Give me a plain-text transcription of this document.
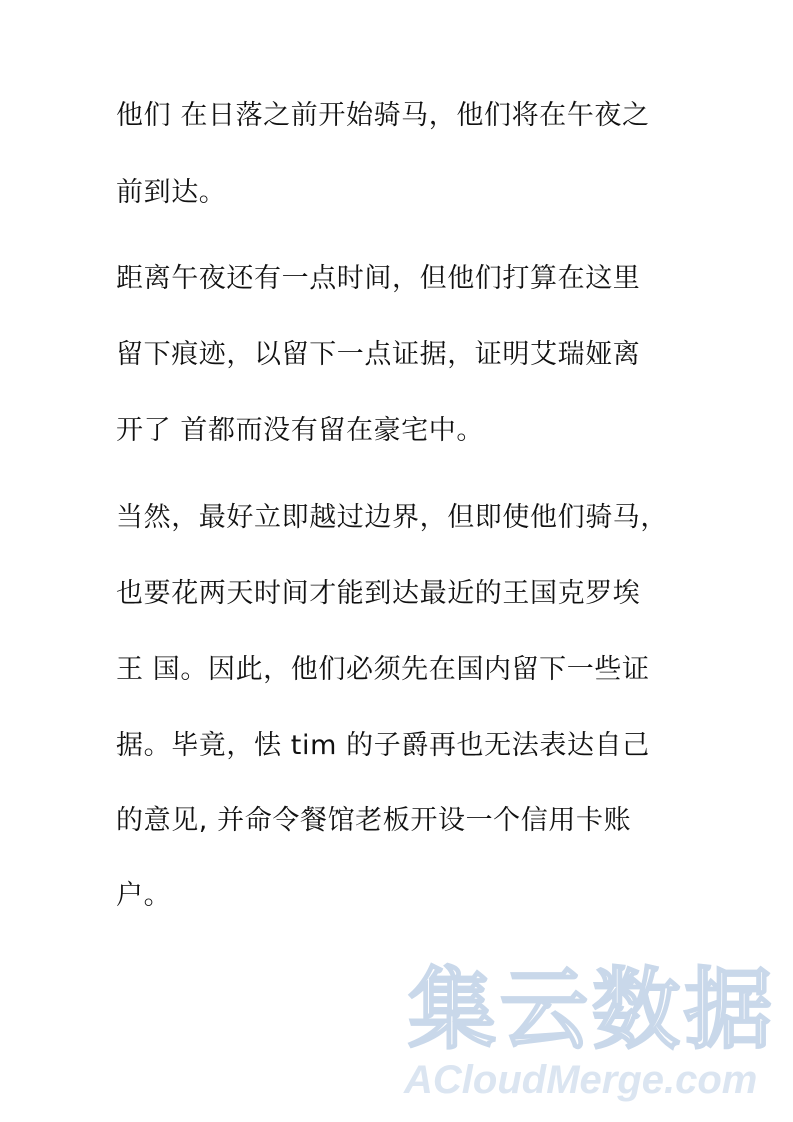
他们 在日落之前开始骑马，他们将在午夜之
前到达。
距离午夜还有一点时间，但他们打算在这里
留下痕迹，以留下一点证据，证明艾瑞娅离
开了 首都而没有留在豪宅中。
当然，最好立即越过边界，但即使他们骑马，
也要花两天时间才能到达最近的王国克罗埃
王 国。因此，他们必须先在国内留下一些证
据。毕竟，怯 tim 的子爵再也无法表达自己
的意见, 并命令餐馆老板开设一个信用卡账
户。
集云数据
ACloudMerge.com
